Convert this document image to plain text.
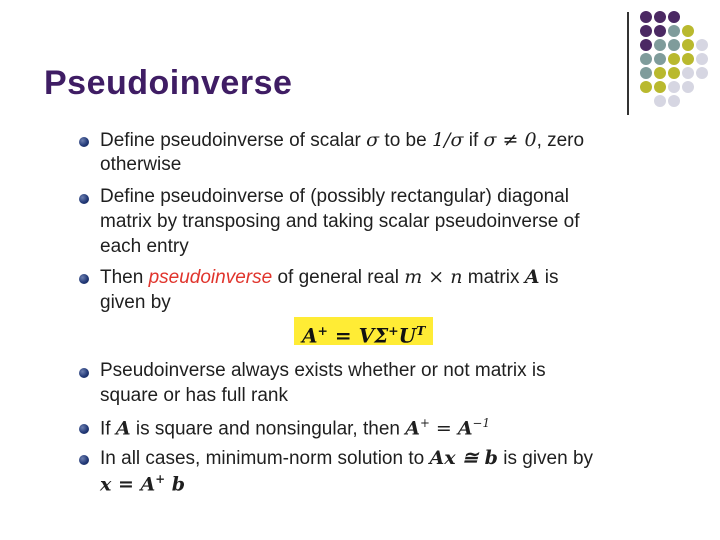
Pseudoinverse
Define pseudoinverse of scalar σ to be 1/σ if σ ≠ 0, zero
otherwise
Define pseudoinverse of (possibly rectangular) diagonal
matrix by transposing and taking scalar pseudoinverse of
each entry
Then pseudoinverse of general real m × n matrix A is
given by
$A^+ = V\Sigma^+U^T$
Pseudoinverse always exists whether or not matrix is
square or has full rank
If A is square and nonsingular, then $A^+ = A^{-1}$
In all cases, minimum-norm solution to Ax ≅ b is given by
x = A+ b
